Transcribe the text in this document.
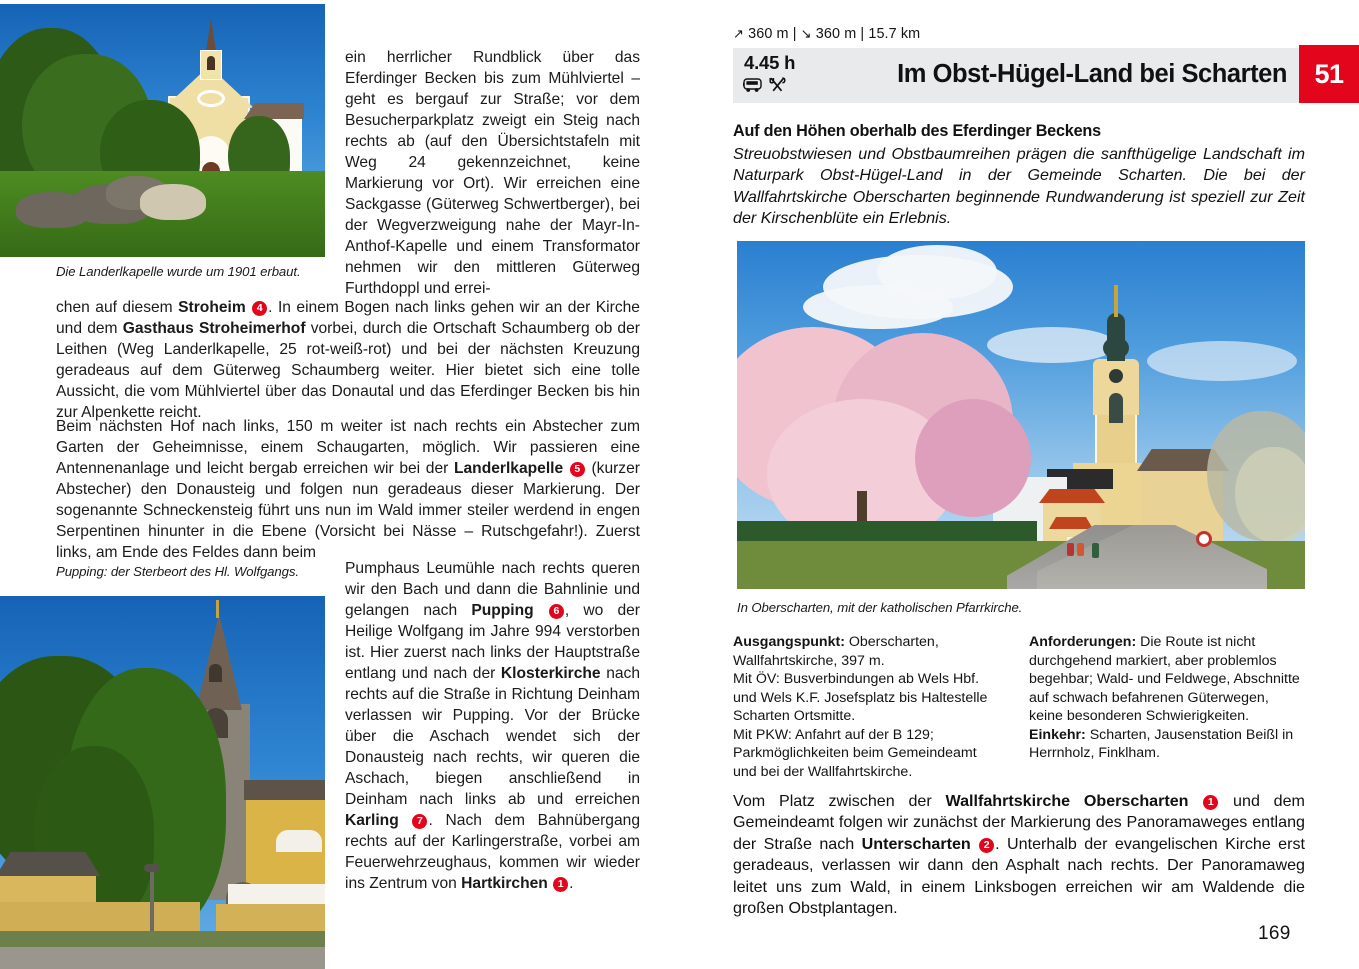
Die Landerlkapelle wurde um 1901 erbaut.
ein herrlicher Rundblick über das Eferdinger Becken bis zum Mühlviertel – geht es bergauf zur Straße; vor dem Besucherparkplatz zweigt ein Steig nach rechts ab (auf den Übersichtstafeln mit Weg 24 gekennzeichnet, keine Markierung vor Ort). Wir erreichen eine Sackgasse (Güterweg Schwertberger), bei der Wegverzweigung nahe der Mayr-In-Anthof-Kapelle und einem Transformator nehmen wir den mittleren Güterweg Furthdoppl und errei-
chen auf diesem Stroheim 4 . In einem Bogen nach links gehen wir an der Kirche und dem Gasthaus Stroheimerhof vorbei, durch die Ortschaft Schaumberg ob der Leithen (Weg Landerlkapelle, 25 rot-weiß-rot) und bei der nächsten Kreuzung geradeaus auf dem Güterweg Schaumberg weiter. Hier bietet sich eine tolle Aussicht, die vom Mühlviertel über das Donautal und das Eferdinger Becken bis hin zur Alpenkette reicht.
Beim nächsten Hof nach links, 150 m weiter ist nach rechts ein Abstecher zum Garten der Geheimnisse, einem Schaugarten, möglich. Wir passieren eine Antennenanlage und leicht bergab erreichen wir bei der Landerlkapelle 5 (kurzer Abstecher) den Donausteig und folgen nun geradeaus dieser Markierung. Der sogenannte Schneckensteig führt uns nun im Wald immer steiler werdend in engen Serpentinen hinunter in die Ebene (Vorsicht bei Nässe – Rutschgefahr!). Zuerst links, am Ende des Feldes dann beim
Pupping: der Sterbeort des Hl. Wolfgangs.	Pumphaus Leumühle nach rechts queren wir den Bach und dann die Bahnlinie und gelangen nach Pupping 6 , wo der Heilige Wolfgang im Jahre 994 verstorben ist. Hier zuerst nach links der Hauptstraße entlang und nach der Klosterkirche nach rechts auf die Straße in Richtung Deinham verlassen wir Pupping. Vor der Brücke über die Aschach wendet sich der Donausteig nach rechts, wir queren die Aschach, biegen anschließend in Deinham nach links ab und erreichen Karling 7 . Nach dem Bahnübergang rechts auf der Karlingerstraße, vorbei am Feuerwehrzeughaus, kommen wir wieder ins Zentrum von Hartkirchen 1 .
↗ 360 m | ↘ 360 m | 15.7 km
4.45 h	Im Obst-Hügel-Land bei Scharten	51
Auf den Höhen oberhalb des Eferdinger Beckens
Streuobstwiesen und Obstbaumreihen prägen die sanfthügelige Landschaft im Naturpark Obst-Hügel-Land in der Gemeinde Scharten. Die bei der Wallfahrtskirche Oberscharten beginnende Rundwanderung ist speziell zur Zeit der Kirschenblüte ein Erlebnis.
In Oberscharten, mit der katholischen Pfarrkirche.
Ausgangspunkt: Oberscharten, Wallfahrtskirche, 397 m.
Mit ÖV: Busverbindungen ab Wels Hbf. und Wels K.F. Josefsplatz bis Haltestelle Scharten Ortsmitte.
Mit PKW: Anfahrt auf der B 129; Parkmöglichkeiten beim Gemeindeamt und bei der Wallfahrtskirche.
Anforderungen: Die Route ist nicht durchgehend markiert, aber problemlos begehbar; Wald- und Feldwege, Abschnitte auf schwach befahrenen Güterwegen, keine besonderen Schwierigkeiten.
Einkehr: Scharten, Jausenstation Beißl in Herrnholz, Finklham.
Vom Platz zwischen der Wallfahrtskirche Oberscharten 1 und dem Gemeindeamt folgen wir zunächst der Markierung des Panoramaweges entlang der Straße nach Unterscharten 2 . Unterhalb der evangelischen Kirche erst geradeaus, verlassen wir dann den Asphalt nach rechts. Der Panoramaweg leitet uns zum Wald, in einem Linksbogen erreichen wir am Waldende die großen Obstplantagen.
169
